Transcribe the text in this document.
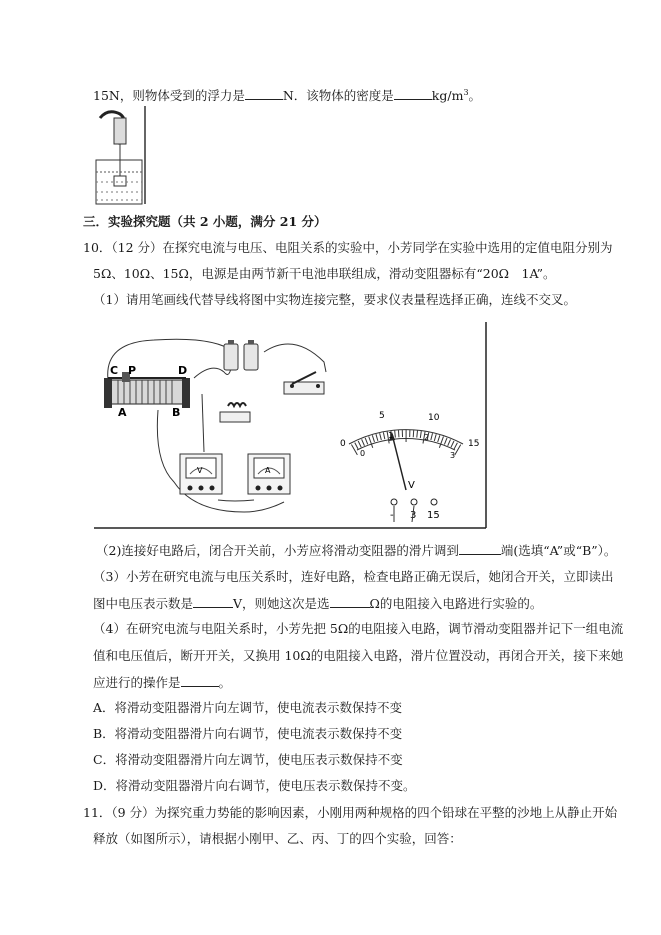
15N，则物体受到的浮力是	N．该物体的密度是	$kg/m^3$。
三．实验探究题（共 2 小题，满分 21 分）
10．（12 分）在探究电流与电压、电阻关系的实验中，小芳同学在实验中选用的定值电阻分别为
5Ω、10Ω、15Ω，电源是由两节新干电池串联组成，滑动变阻器标有“20Ω　1A”。
（1）请用笔画线代替导线将图中实物连接完整，要求仪表量程选择正确，连线不交叉。
C P	D
A	B
V	A
0
5	10
15
0
1	2
3
V
- 3 15
（2)连接好电路后，闭合开关前，小芳应将滑动变阻器的滑片调到	端(选填“A”或“B”）。
（3）小芳在研究电流与电压关系时，连好电路，检查电路正确无误后，她闭合开关，立即读出
图中电压表示数是	V，则她这次是选	Ω的电阻接入电路进行实验的。
（4）在研究电流与电阻关系时，小芳先把 5Ω的电阻接入电路，调节滑动变阻器并记下一组电流
值和电压值后，断开开关，又换用 10Ω的电阻接入电路，滑片位置没动，再闭合开关，接下来她
应进行的操作是	。
A．将滑动变阻器滑片向左调节，使电流表示数保持不变
B．将滑动变阻器滑片向右调节，使电流表示数保持不变
C．将滑动变阻器滑片向左调节，使电压表示数保持不变
D．将滑动变阻器滑片向右调节，使电压表示数保持不变。
11．（9 分）为探究重力势能的影响因素，小刚用两种规格的四个铅球在平整的沙地上从静止开始
释放（如图所示），请根据小刚甲、乙、丙、丁的四个实验，回答：
